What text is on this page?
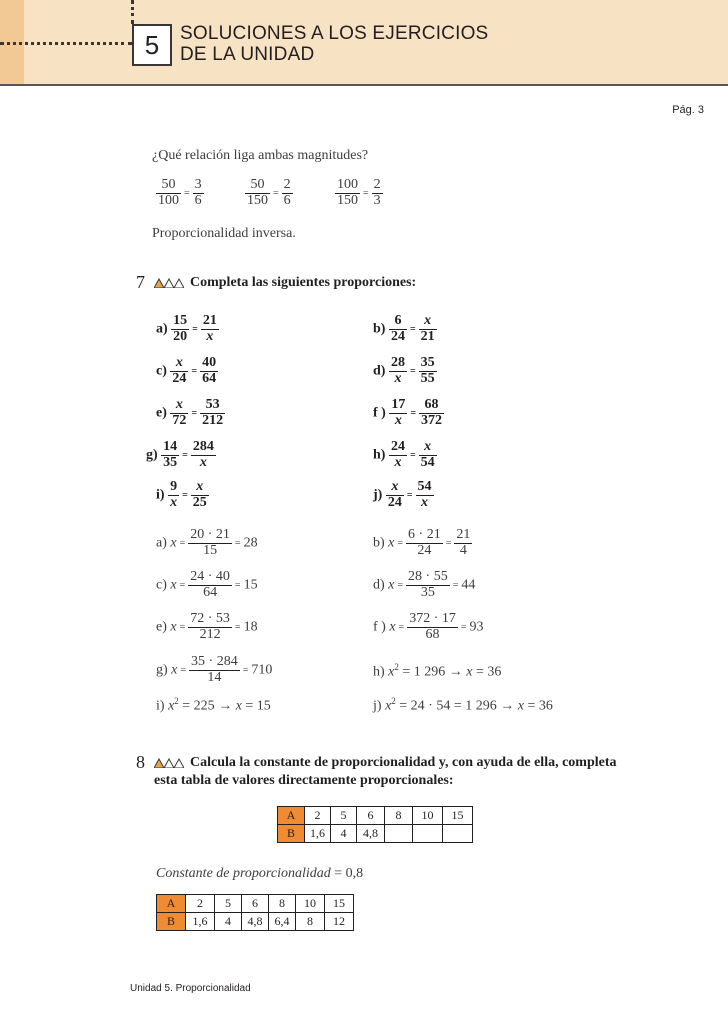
5 SOLUCIONES A LOS EJERCICIOS
DE LA UNIDAD
Pág. 3
¿Qué relación liga ambas magnitudes?
$\frac{50}{100} = \frac{3}{6}$	$\frac{50}{150} = \frac{2}{6}$	$\frac{100}{150} = \frac{2}{3}$
Proporcionalidad inversa.
7	Completa las siguientes proporciones:
$a) \frac{15}{20} = \frac{21}{x}$	$b) \frac{6}{24} = \frac{x}{21}$
$c) \frac{x}{24} = \frac{40}{64}$	$d) \frac{28}{x} = \frac{35}{55}$
$e) \frac{x}{72} = \frac{53}{212}$	f ) $\frac{17}{x} = \frac{68}{372}$
$g) \frac{14}{35} = \frac{284}{x}$	$h) \frac{24}{x} = \frac{x}{54}$
$i) \frac{9}{x} = \frac{x}{25}$	$j) \frac{x}{24} = \frac{54}{x}$
a) $x = \frac{20 \cdot 21}{15} = 28$	b) $x = \frac{6 \cdot 21}{24} = \frac{21}{4}$
c) $x = \frac{24 \cdot 40}{64} = 15$	d) $x = \frac{28 \cdot 55}{35} = 44$
e) $x = \frac{72 \cdot 53}{212} = 18$	f ) $x = \frac{372 \cdot 17}{68} = 93$
g) $x = \frac{35 \cdot 284}{14} = 710$	h) $x^2 = 1$ 296 → x = 36
i) $x^2 = 225 \to x = 15$	j) $x^2 = 24 \cdot 54 = 1$ 296 → x = 36
8	Calcula la constante de proporcionalidad y, con ayuda de ella, completa
esta tabla de valores directamente proporcionales:
A	2	5	6	8	10	15
B	1,6	4	4,8			
Constante de proporcionalidad = 0,8
A	2	5	6	8	10	15
B	1,6	4	4,8	6,4	8	12
Unidad 5. Proporcionalidad
